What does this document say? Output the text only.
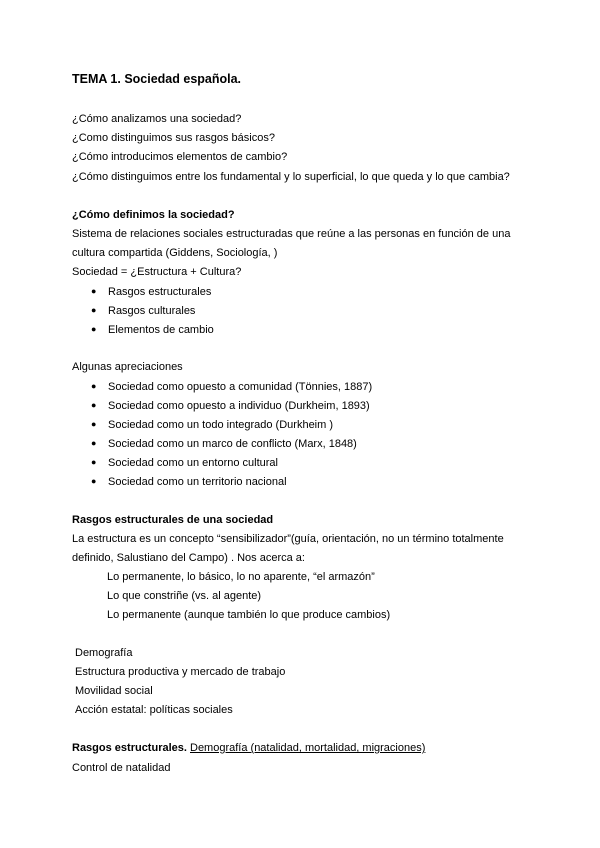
TEMA 1. Sociedad española.
¿Cómo analizamos una sociedad?
¿Como distinguimos sus rasgos básicos?
¿Cómo introducimos elementos de cambio?
¿Cómo distinguimos entre los fundamental y lo superficial, lo que queda y lo que cambia?
¿Cómo definimos la sociedad?
Sistema de relaciones sociales estructuradas que reúne a las personas en función de una
cultura compartida (Giddens, Sociología, )
Sociedad = ¿Estructura + Cultura?
● Rasgos estructurales
● Rasgos culturales
● Elementos de cambio
Algunas apreciaciones
● Sociedad como opuesto a comunidad (Tönnies, 1887)
● Sociedad como opuesto a individuo (Durkheim, 1893)
● Sociedad como un todo integrado (Durkheim )
● Sociedad como un marco de conflicto (Marx, 1848)
● Sociedad como un entorno cultural
● Sociedad como un territorio nacional
Rasgos estructurales de una sociedad
La estructura es un concepto “sensibilizador”(guía, orientación, no un término totalmente
definido, Salustiano del Campo) . Nos acerca a:
Lo permanente, lo básico, lo no aparente, “el armazón”
Lo que constriñe (vs. al agente)
Lo permanente (aunque también lo que produce cambios)
Demografía
Estructura productiva y mercado de trabajo
Movilidad social
Acción estatal: políticas sociales
Rasgos estructurales. Demografía (natalidad, mortalidad, migraciones)
Control de natalidad
